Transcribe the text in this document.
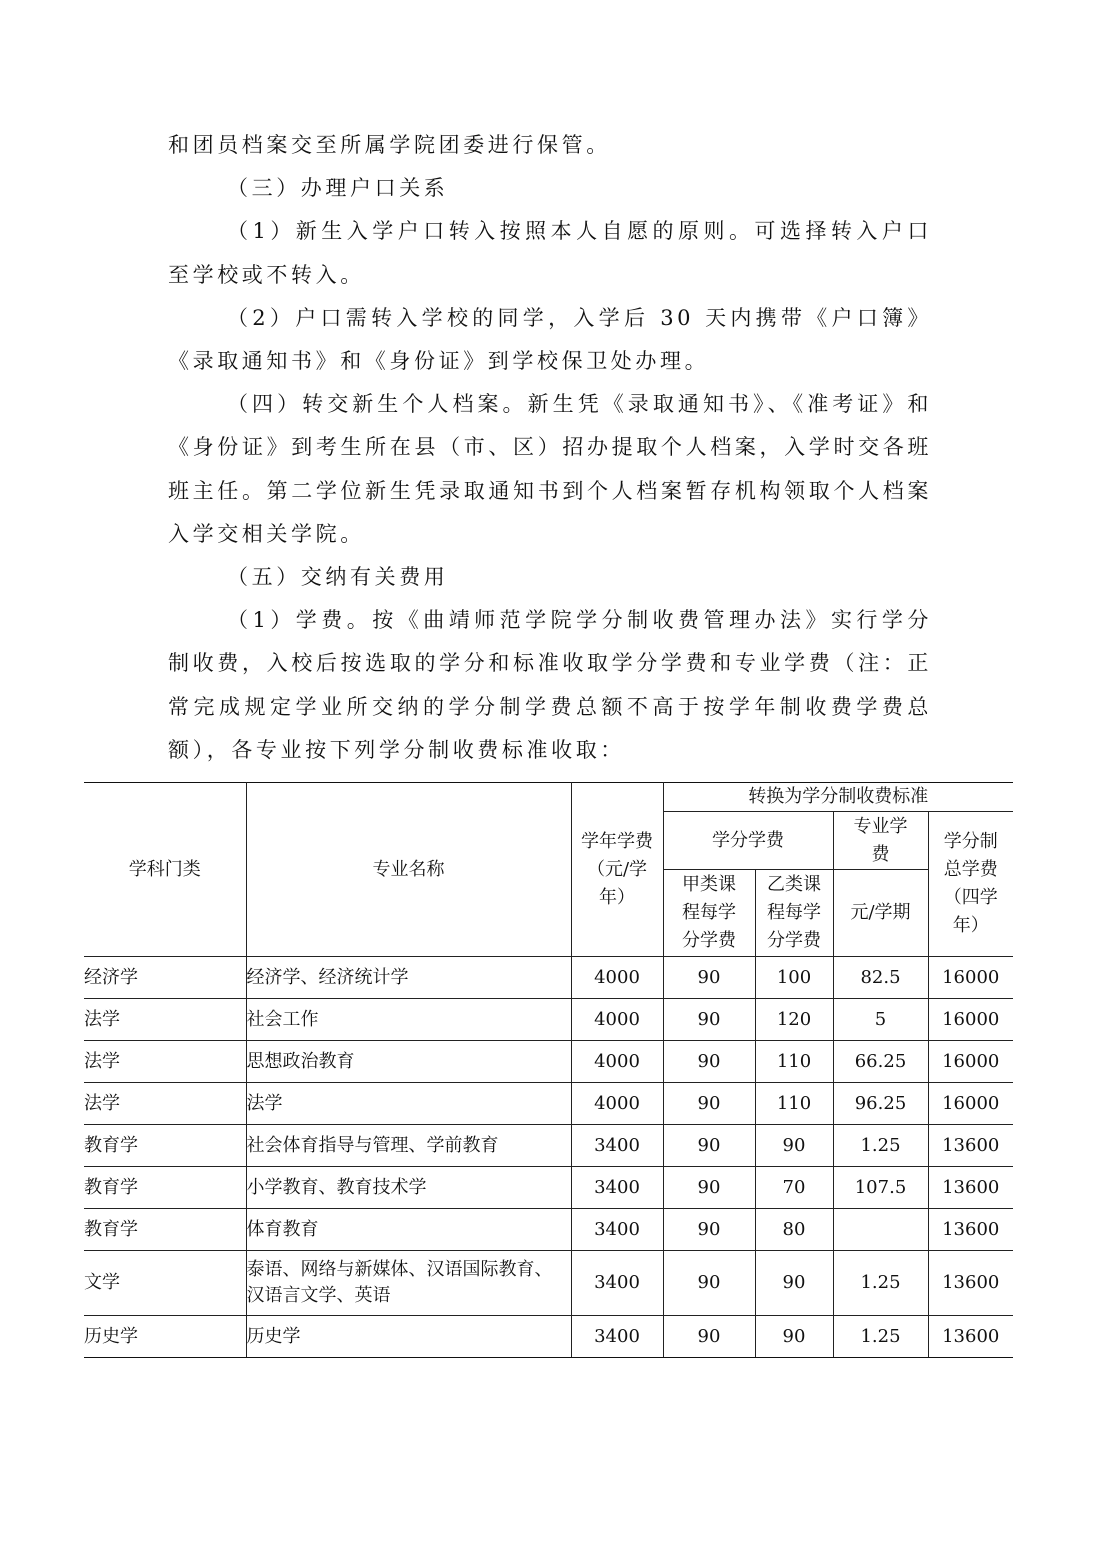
和团员档案交至所属学院团委进行保管。

（三）办理户口关系

（1）新生入学户口转入按照本人自愿的原则。可选择转入户口至学校或不转入。

（2）户口需转入学校的同学，入学后 30 天内携带《户口簿》《录取通知书》和《身份证》到学校保卫处办理。

（四）转交新生个人档案。新生凭《录取通知书》、《准考证》和《身份证》到考生所在县（市、区）招办提取个人档案，入学时交各班班主任。第二学位新生凭录取通知书到个人档案暂存机构领取个人档案入学交相关学院。

（五）交纳有关费用

（1）学费。按《曲靖师范学院学分制收费管理办法》实行学分制收费，入校后按选取的学分和标准收取学分学费和专业学费（注：正常完成规定学业所交纳的学分制学费总额不高于按学年制收费学费总额），各专业按下列学分制收费标准收取：

学科门类	专业名称	学年学费（元/学年）	转换为学分制收费标准			
			学分学费		专业学费	学分制总学费（四学年）
			甲类课程每学分学费	乙类课程每学分学费	元/学期	
经济学	经济学、经济统计学	4000	90	100	82.5	16000
法学	社会工作	4000	90	120	5	16000
法学	思想政治教育	4000	90	110	66.25	16000
法学	法学	4000	90	110	96.25	16000
教育学	社会体育指导与管理、学前教育	3400	90	90	1.25	13600
教育学	小学教育、教育技术学	3400	90	70	107.5	13600
教育学	体育教育	3400	90	80		13600
文学	泰语、网络与新媒体、汉语国际教育、汉语言文学、英语	3400	90	90	1.25	13600
历史学	历史学	3400	90	90	1.25	13600
